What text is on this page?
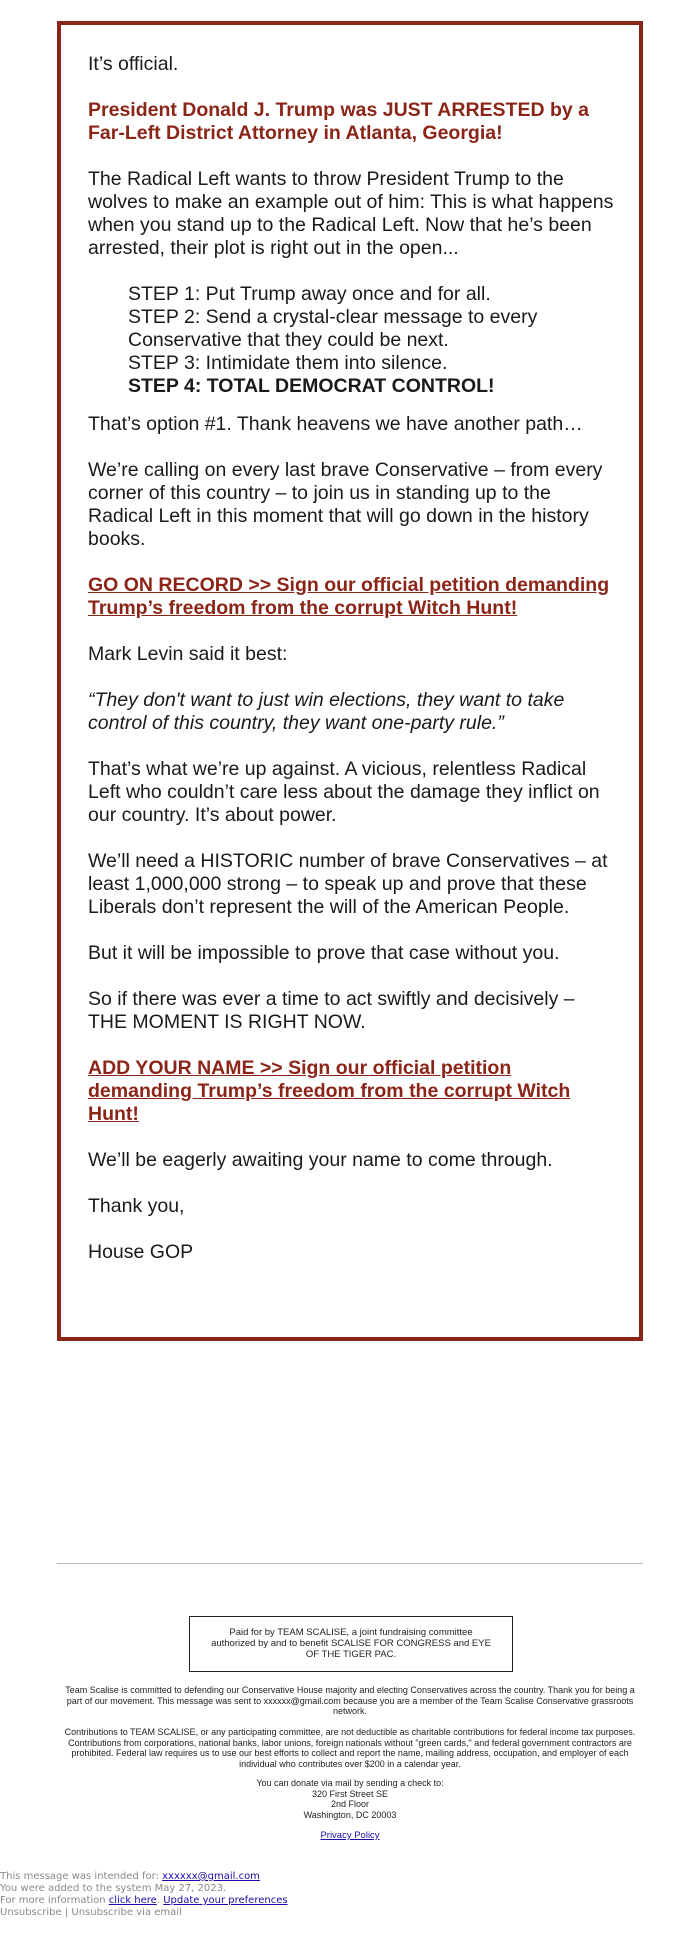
It’s official.

President Donald J. Trump was JUST ARRESTED by a Far-Left District Attorney in Atlanta, Georgia!

The Radical Left wants to throw President Trump to the wolves to make an example out of him: This is what happens when you stand up to the Radical Left. Now that he’s been arrested, their plot is right out in the open...

STEP 1: Put Trump away once and for all.
STEP 2: Send a crystal-clear message to every Conservative that they could be next.
STEP 3: Intimidate them into silence.
STEP 4: TOTAL DEMOCRAT CONTROL!

That’s option #1. Thank heavens we have another path…

We’re calling on every last brave Conservative – from every corner of this country – to join us in standing up to the Radical Left in this moment that will go down in the history books.

GO ON RECORD >> Sign our official petition demanding Trump’s freedom from the corrupt Witch Hunt!

Mark Levin said it best:

“They don't want to just win elections, they want to take control of this country, they want one-party rule.”

That’s what we’re up against. A vicious, relentless Radical Left who couldn’t care less about the damage they inflict on our country. It’s about power.

We’ll need a HISTORIC number of brave Conservatives – at least 1,000,000 strong – to speak up and prove that these Liberals don’t represent the will of the American People.

But it will be impossible to prove that case without you.

So if there was ever a time to act swiftly and decisively – THE MOMENT IS RIGHT NOW.

ADD YOUR NAME >> Sign our official petition demanding Trump’s freedom from the corrupt Witch Hunt!

We’ll be eagerly awaiting your name to come through.

Thank you,

House GOP

Paid for by TEAM SCALISE, a joint fundraising committee authorized by and to benefit SCALISE FOR CONGRESS and EYE OF THE TIGER PAC.
Team Scalise is committed to defending our Conservative House majority and electing Conservatives across the country. Thank you for being a part of our movement. This message was sent to xxxxxx@gmail.com because you are a member of the Team Scalise Conservative grassroots network.
Contributions to TEAM SCALISE, or any participating committee, are not deductible as charitable contributions for federal income tax purposes. Contributions from corporations, national banks, labor unions, foreign nationals without "green cards," and federal government contractors are prohibited. Federal law requires us to use our best efforts to collect and report the name, mailing address, occupation, and employer of each individual who contributes over $200 in a calendar year.
You can donate via mail by sending a check to:
320 First Street SE
2nd Floor
Washington, DC 20003
Privacy Policy
This message was intended for: xxxxxx@gmail.com
You were added to the system May 27, 2023.
For more information click here. Update your preferences
Unsubscribe | Unsubscribe via email
